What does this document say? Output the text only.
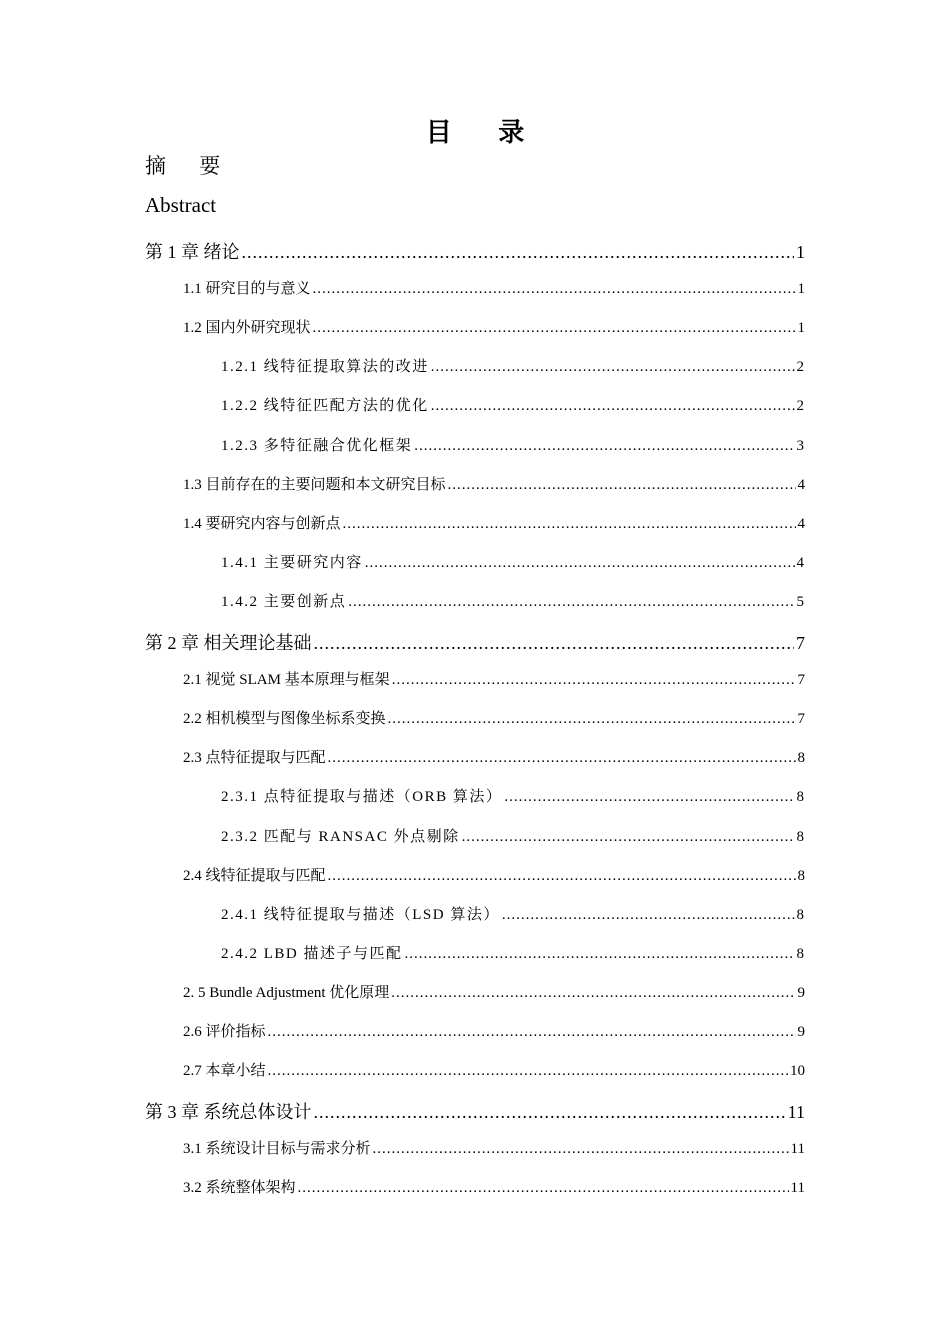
目 录
摘 要
Abstract
第 1 章 绪论 .....	1
1.1 研究目的与意义 .....	1
1.2 国内外研究现状 .....	1
1.2.1 线特征提取算法的改进 .....	2
1.2.2 线特征匹配方法的优化 .....	2
1.2.3 多特征融合优化框架 .....	3
1.3 目前存在的主要问题和本文研究目标 .....	4
1.4 要研究内容与创新点 .....	4
1.4.1 主要研究内容 .....	4
1.4.2 主要创新点 .....	5
第 2 章 相关理论基础 .....	7
2.1 视觉 SLAM 基本原理与框架 .....	7
2.2 相机模型与图像坐标系变换 .....	7
2.3 点特征提取与匹配 .....	8
2.3.1 点特征提取与描述（ORB 算法） .....	8
2.3.2 匹配与 RANSAC 外点剔除 .....	8
2.4 线特征提取与匹配 .....	8
2.4.1 线特征提取与描述（LSD 算法） .....	8
2.4.2 LBD 描述子与匹配 .....	8
2. 5 Bundle Adjustment 优化原理 .....	9
2.6 评价指标 .....	9
2.7 本章小结 .....	10
第 3 章 系统总体设计 .....	11
3.1 系统设计目标与需求分析 .....	11
3.2 系统整体架构 .....	11
